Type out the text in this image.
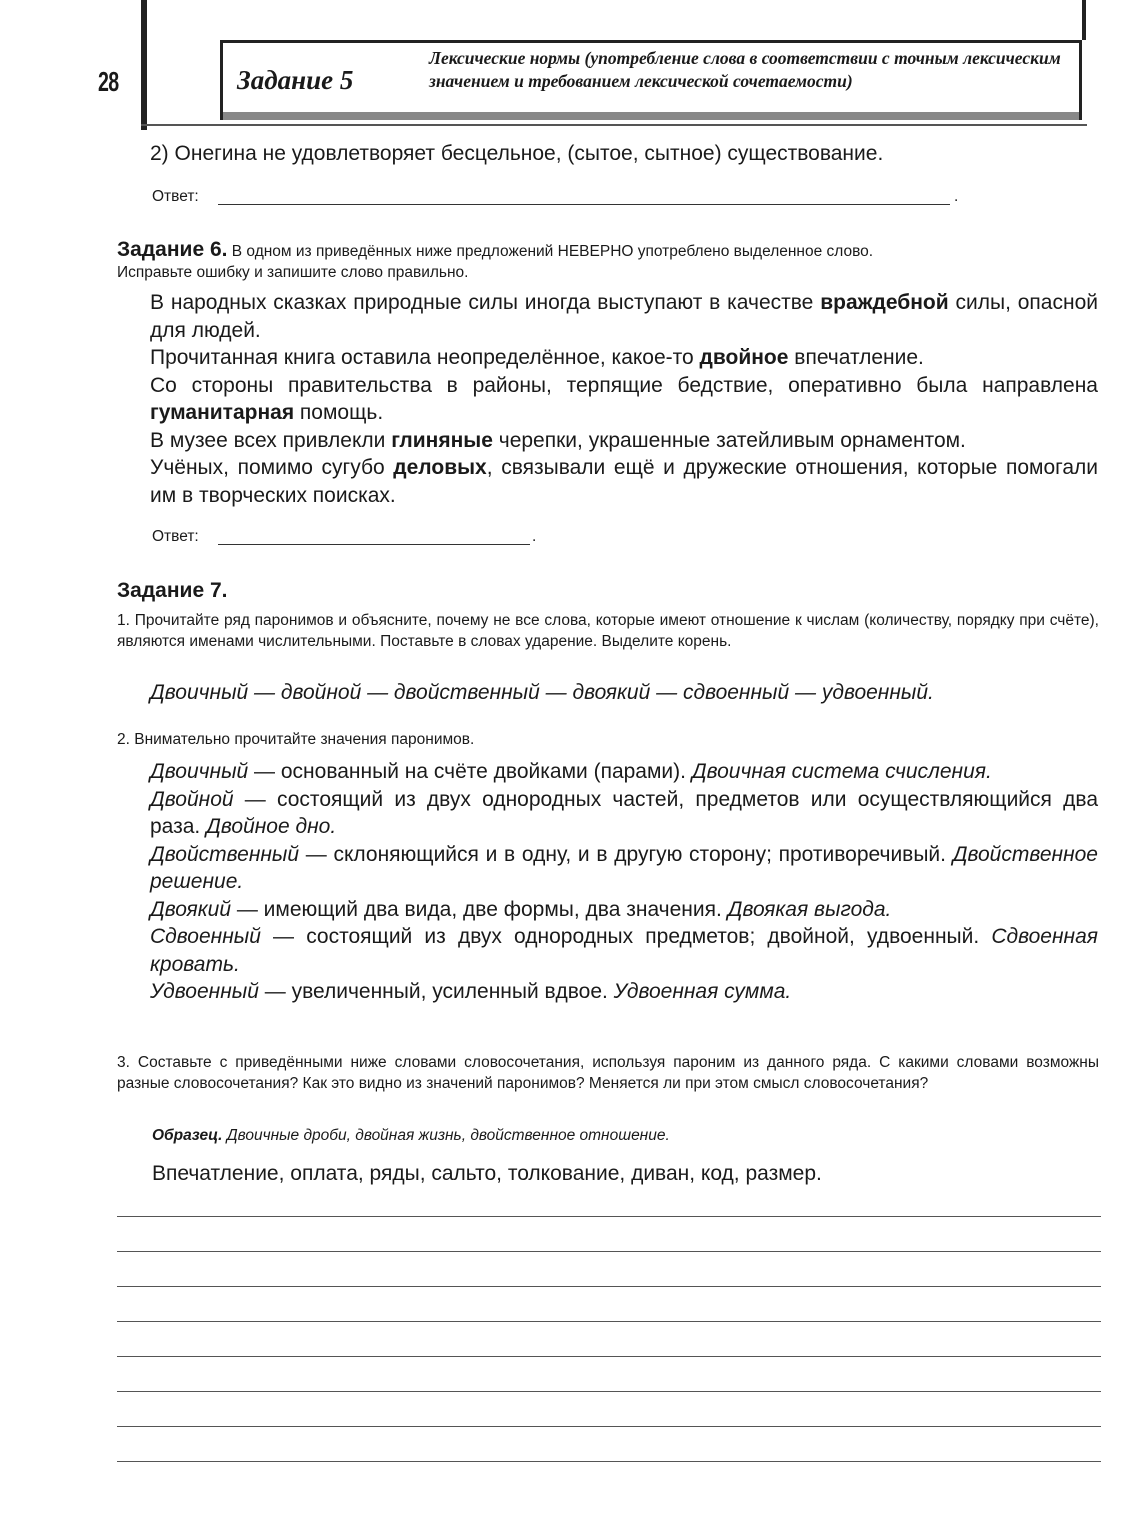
28	Задание 5
Лексические нормы (употребление слова в соответствии с точным лексическим значением и требованием лексической сочетаемости)
2) Онегина не удовлетворяет бесцельное, (сытое, сытное) существование.
Ответ:	.
Задание 6. В одном из приведённых ниже предложений НЕВЕРНО употреблено выделенное слово.
Исправьте ошибку и запишите слово правильно.

В народных сказках природные силы иногда выступают в качестве враждебной силы, опасной для людей.

Прочитанная книга оставила неопределённое, какое-то двойное впечатление.

Со стороны правительства в районы, терпящие бедствие, оперативно была направлена гуманитарная помощь.

В музее всех привлекли глиняные черепки, украшенные затейливым орнаментом.

Учёных, помимо сугубо деловых, связывали ещё и дружеские отношения, которые помогали им в творческих поисках.

Ответ:	.
Задание 7.
1. Прочитайте ряд паронимов и объясните, почему не все слова, которые имеют отношение к числам (количеству, порядку при счёте), являются именами числительными. Поставьте в словах ударение. Выделите корень.
Двоичный — двойной — двойственный — двоякий — сдвоенный — удвоенный.
2. Внимательно прочитайте значения паронимов.

Двоичный — основанный на счёте двойками (парами). Двоичная система счисления.

Двойной — состоящий из двух однородных частей, предметов или осуществляющийся два раза. Двойное дно.

Двойственный — склоняющийся и в одну, и в другую сторону; противоречивый. Двойственное решение.

Двоякий — имеющий два вида, две формы, два значения. Двоякая выгода.

Сдвоенный — состоящий из двух однородных предметов; двойной, удвоенный. Сдвоенная кровать.

Удвоенный — увеличенный, усиленный вдвое. Удвоенная сумма.

3. Составьте с приведёнными ниже словами словосочетания, используя пароним из данного ряда. С какими словами возможны разные словосочетания? Как это видно из значений паронимов? Меняется ли при этом смысл словосочетания?
Образец. Двоичные дроби, двойная жизнь, двойственное отношение.
Впечатление, оплата, ряды, сальто, толкование, диван, код, размер.
